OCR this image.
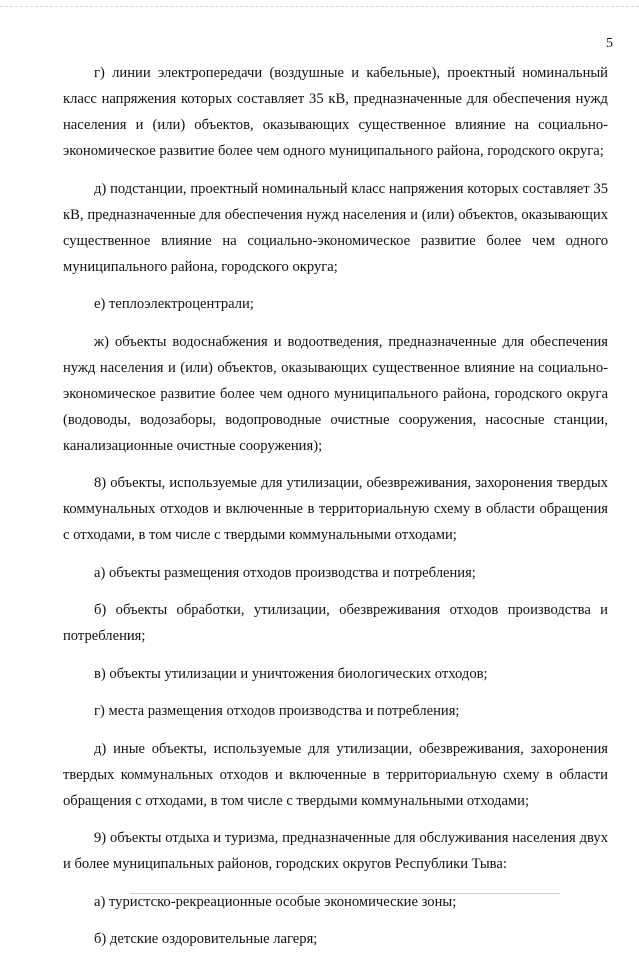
5

г) линии электропередачи (воздушные и кабельные), проектный номинальный класс напряжения которых составляет 35 кВ, предназначенные для обеспечения нужд населения и (или) объектов, оказывающих существенное влияние на социально-экономическое развитие более чем одного муниципального района, городского округа;

д) подстанции, проектный номинальный класс напряжения которых составляет 35 кВ, предназначенные для обеспечения нужд населения и (или) объектов, оказывающих существенное влияние на социально-экономическое развитие более чем одного муниципального района, городского округа;

е) теплоэлектроцентрали;

ж) объекты водоснабжения и водоотведения, предназначенные для обеспечения нужд населения и (или) объектов, оказывающих существенное влияние на социально-экономическое развитие более чем одного муниципального района, городского округа (водоводы, водозаборы, водопроводные очистные сооружения, насосные станции, канализационные очистные сооружения);

8) объекты, используемые для утилизации, обезвреживания, захоронения твердых коммунальных отходов и включенные в территориальную схему в области обращения с отходами, в том числе с твердыми коммунальными отходами;

а) объекты размещения отходов производства и потребления;

б) объекты обработки, утилизации, обезвреживания отходов производства и потребления;

в) объекты утилизации и уничтожения биологических отходов;

г) места размещения отходов производства и потребления;

д) иные объекты, используемые для утилизации, обезвреживания, захоронения твердых коммунальных отходов и включенные в территориальную схему в области обращения с отходами, в том числе с твердыми коммунальными отходами;

9) объекты отдыха и туризма, предназначенные для обслуживания населения двух и более муниципальных районов, городских округов Республики Тыва:

а) туристско-рекреационные особые экономические зоны;

б) детские оздоровительные лагеря;
